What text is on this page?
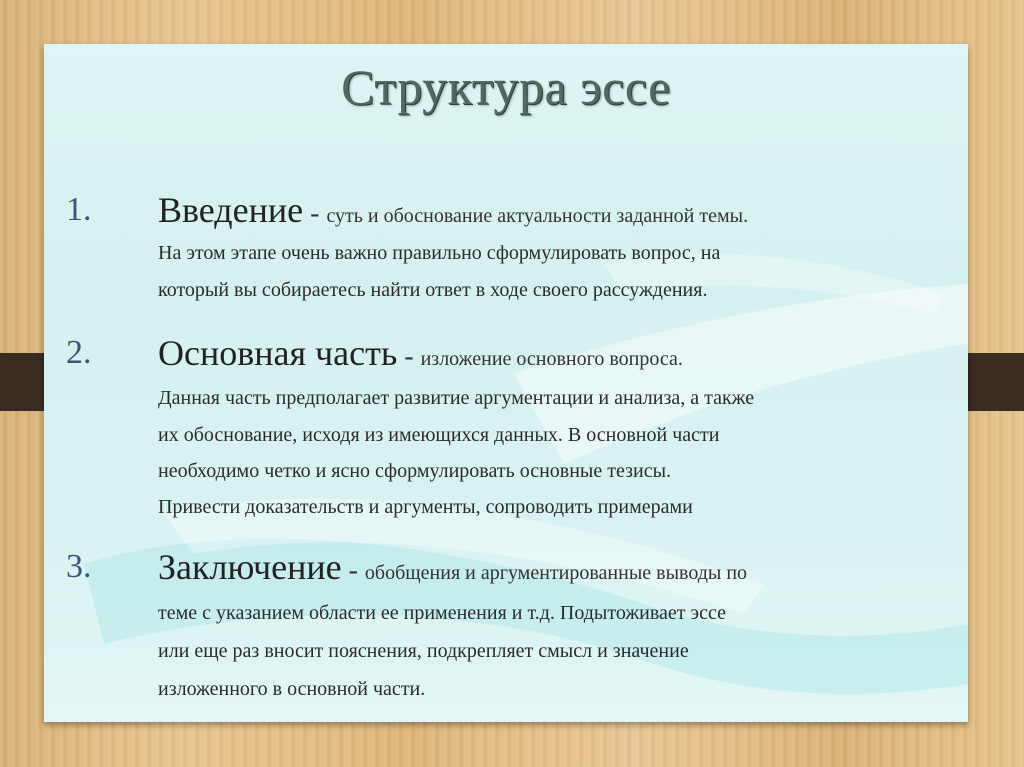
Структура эссе
1. Введение - суть и обоснование актуальности заданной темы.
На этом этапе очень важно правильно сформулировать вопрос, на
который вы собираетесь найти ответ в ходе своего рассуждения.
2. Основная часть - изложение основного вопроса.
Данная часть предполагает развитие аргументации и анализа, а также
их обоснование, исходя из имеющихся данных. В основной части
необходимо четко и ясно сформулировать основные тезисы.
Привести доказательств и аргументы, сопроводить примерами
3. Заключение - обобщения и аргументированные выводы по
теме с указанием области ее применения и т.д. Подытоживает эссе
или еще раз вносит пояснения, подкрепляет смысл и значение
изложенного в основной части.
